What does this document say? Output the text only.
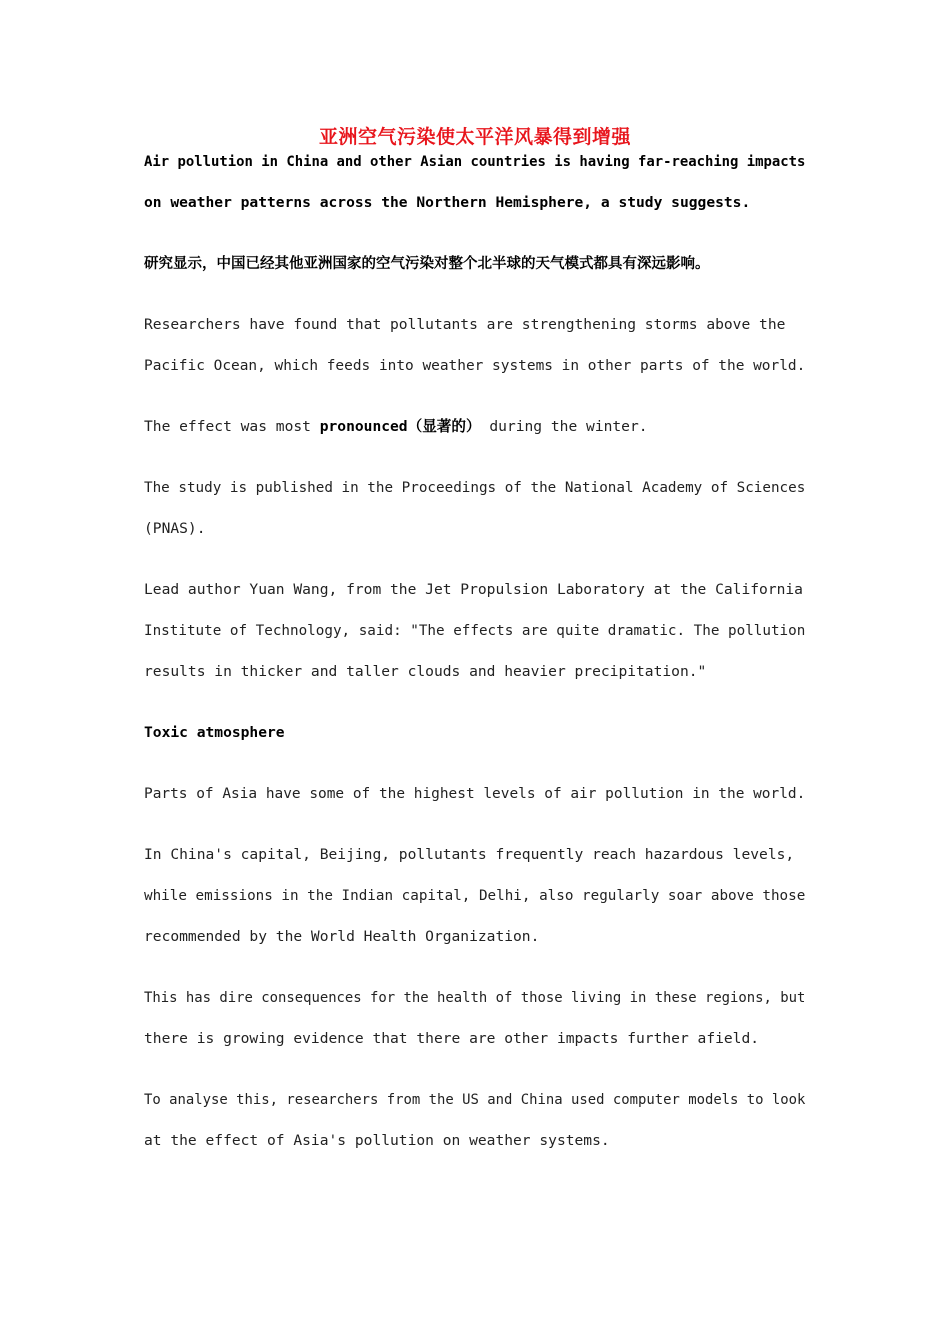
亚洲空气污染使太平洋风暴得到增强

Air pollution in China and other Asian countries is having far-reaching impacts

on weather patterns across the Northern Hemisphere, a study suggests.

研究显示，中国已经其他亚洲国家的空气污染对整个北半球的天气模式都具有深远影响。

Researchers have found that pollutants are strengthening storms above the

Pacific Ocean, which feeds into weather systems in other parts of the world.

The effect was most pronounced（显著的） during the winter.

The study is published in the Proceedings of the National Academy of Sciences

(PNAS).

Lead author Yuan Wang, from the Jet Propulsion Laboratory at the California

Institute of Technology, said: "The effects are quite dramatic. The pollution

results in thicker and taller clouds and heavier precipitation."

Toxic atmosphere

Parts of Asia have some of the highest levels of air pollution in the world.

In China's capital, Beijing, pollutants frequently reach hazardous levels,

while emissions in the Indian capital, Delhi, also regularly soar above those

recommended by the World Health Organization.

This has dire consequences for the health of those living in these regions, but

there is growing evidence that there are other impacts further afield.

To analyse this, researchers from the US and China used computer models to look

at the effect of Asia's pollution on weather systems.
